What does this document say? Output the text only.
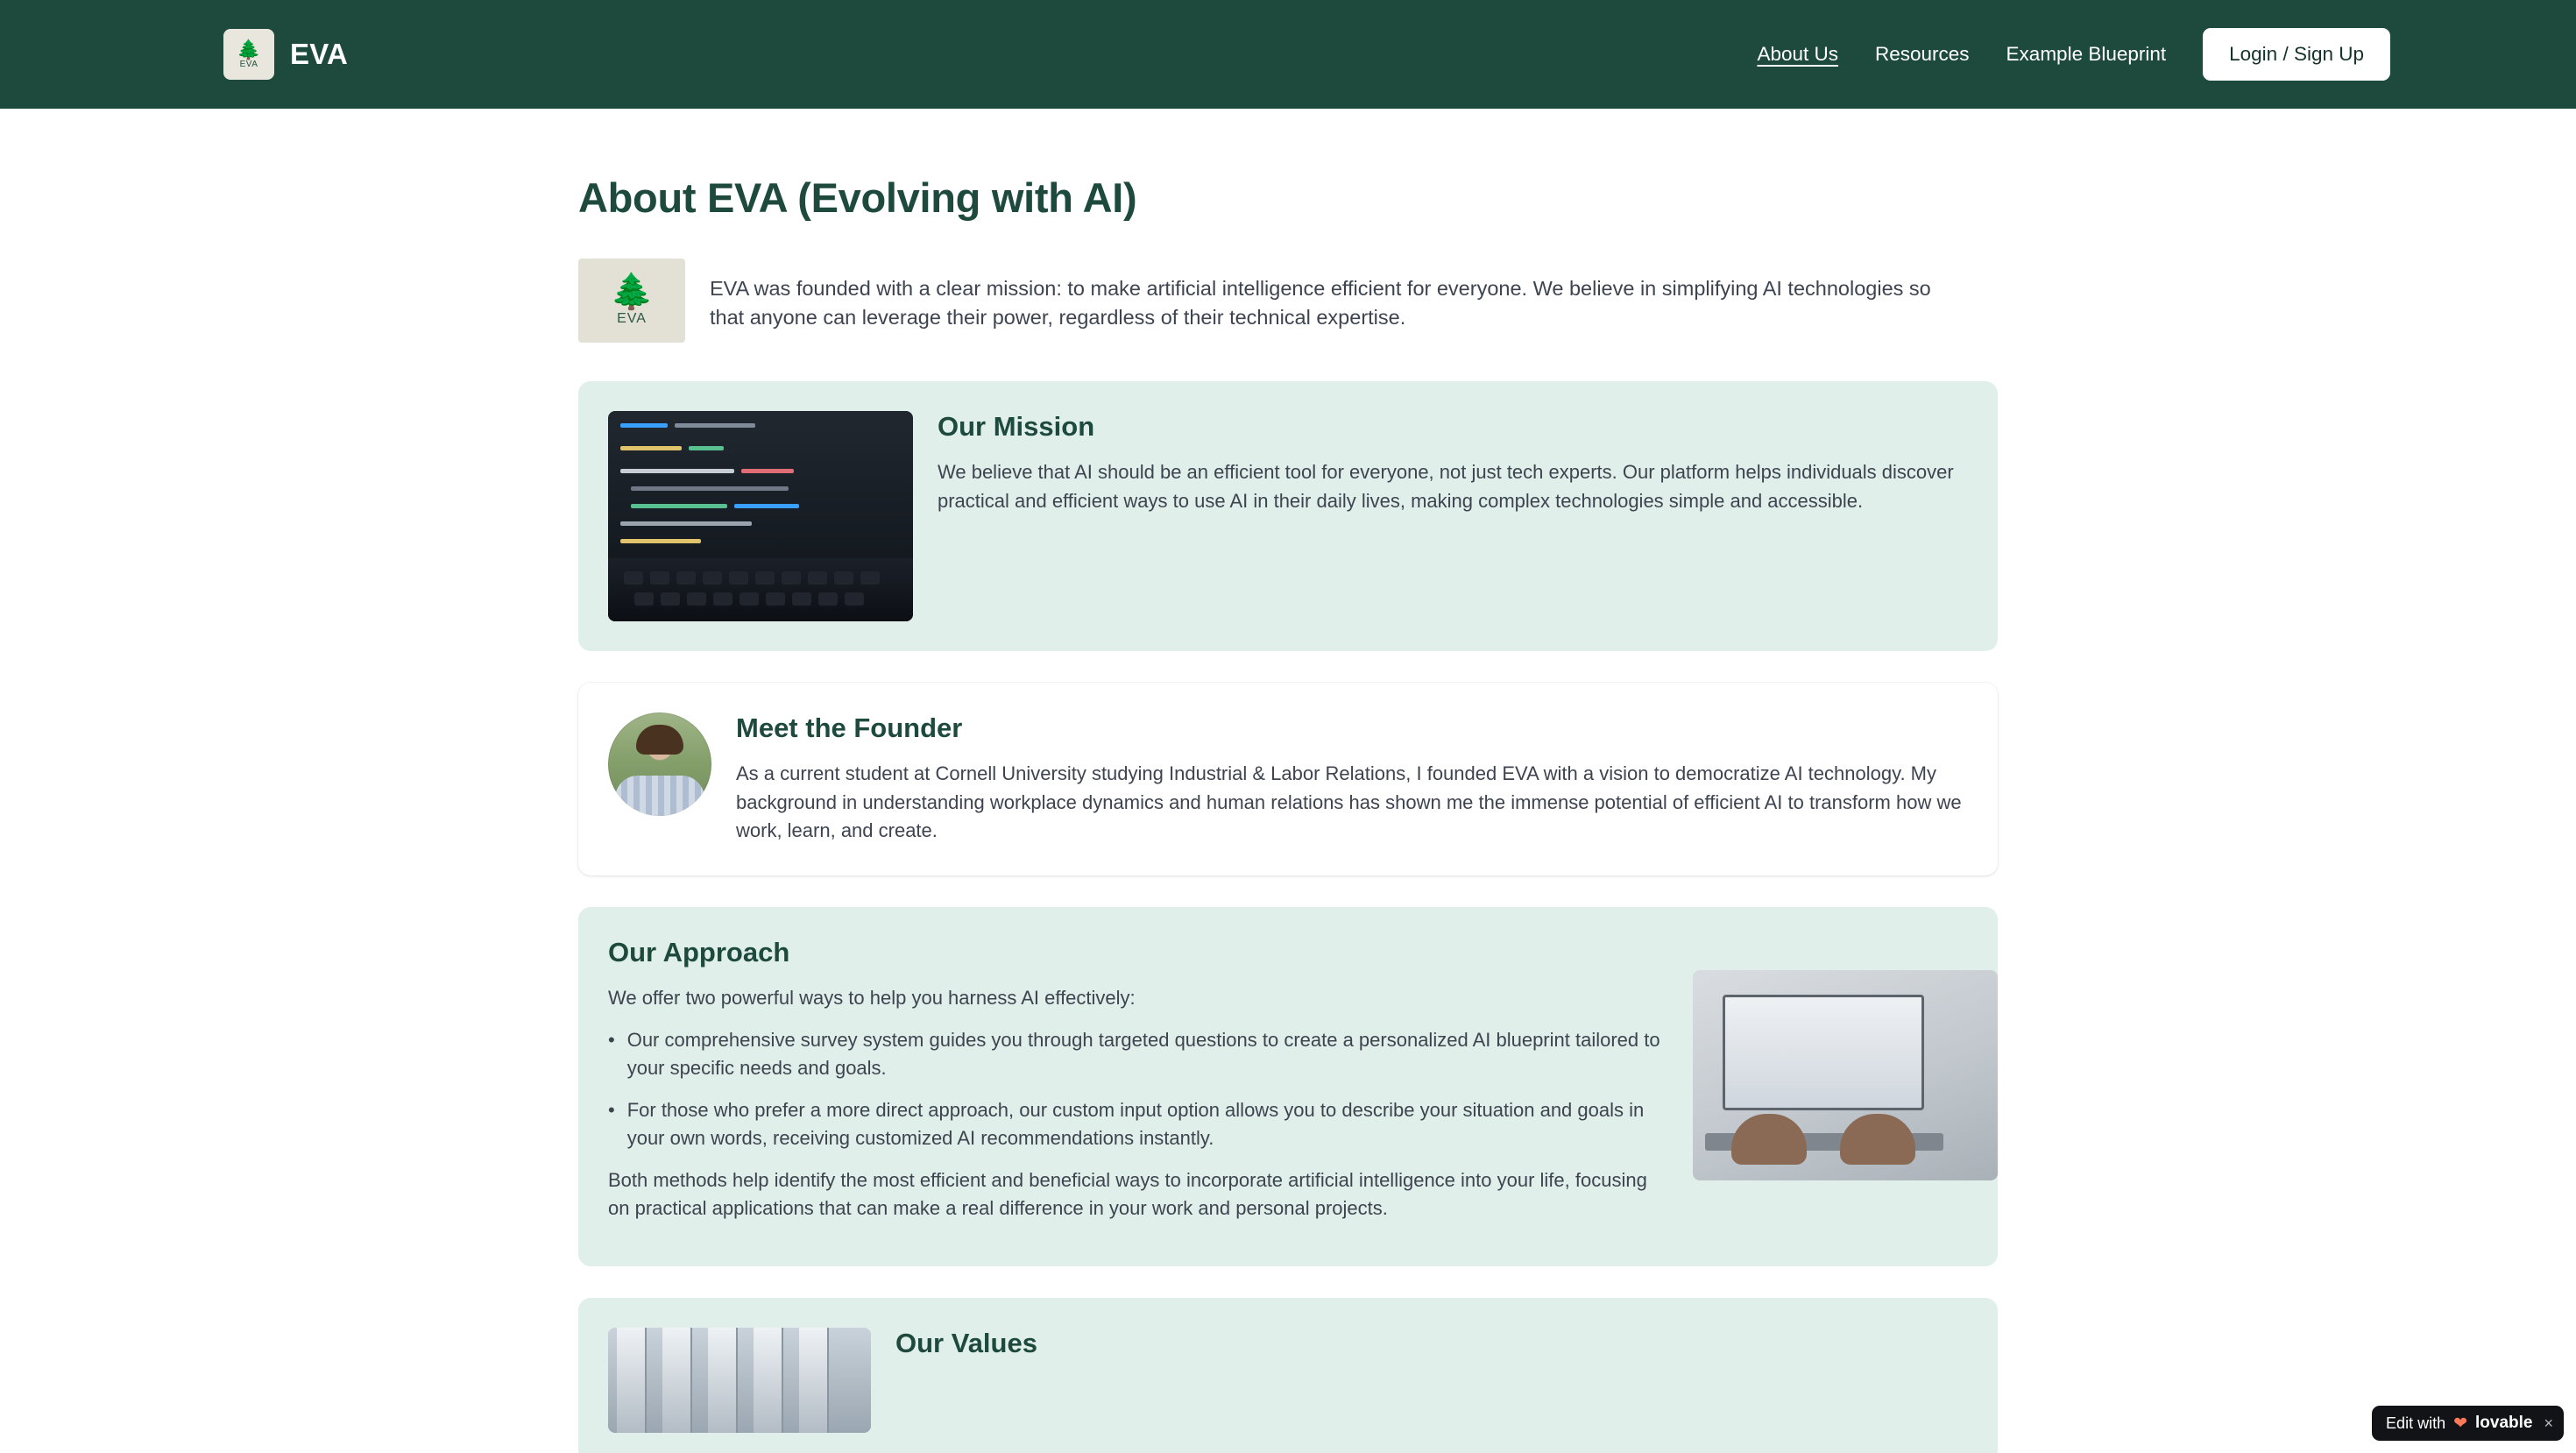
🌲
EVA EVA	About Us Resources Example Blueprint	Login / Sign Up
About EVA (Evolving with AI)
🌲
EVA

EVA was founded with a clear mission: to make artificial intelligence efficient for everyone. We believe in simplifying AI technologies so that anyone can leverage their power, regardless of their technical expertise.

Our Mission

We believe that AI should be an efficient tool for everyone, not just tech experts. Our platform helps individuals discover practical and efficient ways to use AI in their daily lives, making complex technologies simple and accessible.

Meet the Founder

As a current student at Cornell University studying Industrial & Labor Relations, I founded EVA with a vision to democratize AI technology. My background in understanding workplace dynamics and human relations has shown me the immense potential of efficient AI to transform how we work, learn, and create.

Our Approach

We offer two powerful ways to help you harness AI effectively:

• Our comprehensive survey system guides you through targeted questions to create a personalized AI blueprint tailored to your specific needs and goals.
• For those who prefer a more direct approach, our custom input option allows you to describe your situation and goals in your own words, receiving customized AI recommendations instantly.

Both methods help identify the most efficient and beneficial ways to incorporate artificial intelligence into your life, focusing on practical applications that can make a real difference in your work and personal projects.

Our Values
Edit with ❤ lovable ×
